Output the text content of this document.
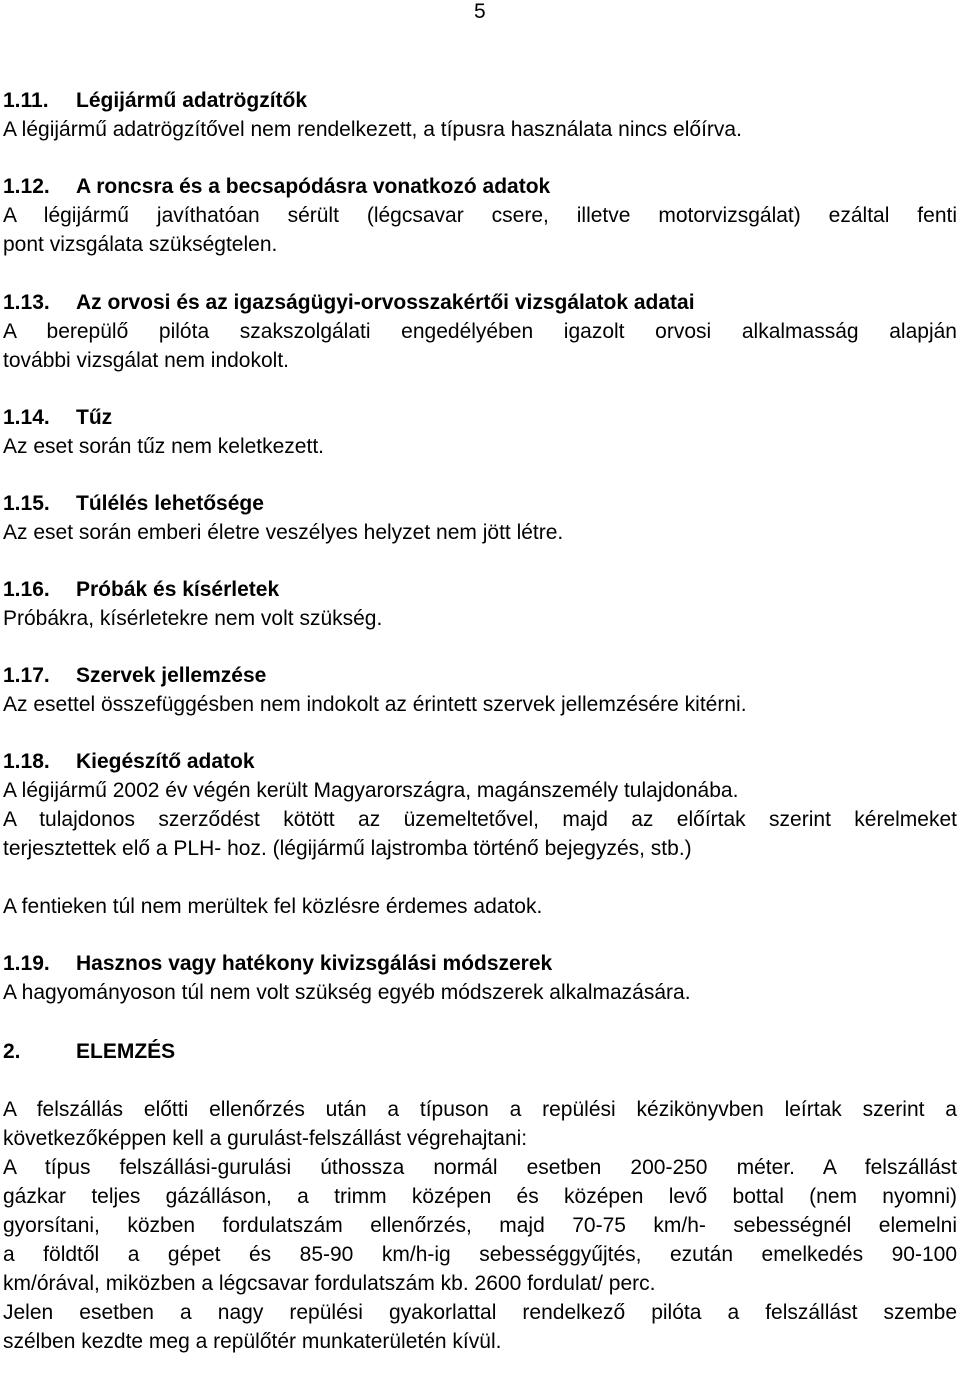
5
1.11. Légijármű adatrögzítők
A légijármű adatrögzítővel nem rendelkezett, a típusra használata nincs előírva.
1.12. A roncsra és a becsapódásra vonatkozó adatok
A légijármű javíthatóan sérült (légcsavar csere, illetve motorvizsgálat) ezáltal fenti
pont vizsgálata szükségtelen.
1.13. Az orvosi és az igazságügyi-orvosszakértői vizsgálatok adatai
A berepülő pilóta szakszolgálati engedélyében igazolt orvosi alkalmasság alapján
további vizsgálat nem indokolt.
1.14. Tűz
Az eset során tűz nem keletkezett.
1.15. Túlélés lehetősége
Az eset során emberi életre veszélyes helyzet nem jött létre.
1.16. Próbák és kísérletek
Próbákra, kísérletekre nem volt szükség.
1.17. Szervek jellemzése
Az esettel összefüggésben nem indokolt az érintett szervek jellemzésére kitérni.
1.18. Kiegészítő adatok
A légijármű 2002 év végén került Magyarországra, magánszemély tulajdonába.
A tulajdonos szerződést kötött az üzemeltetővel, majd az előírtak szerint kérelmeket
terjesztettek elő a PLH- hoz. (légijármű lajstromba történő bejegyzés, stb.)
A fentieken túl nem merültek fel közlésre érdemes adatok.
1.19. Hasznos vagy hatékony kivizsgálási módszerek
A hagyományoson túl nem volt szükség egyéb módszerek alkalmazására.
2.	ELEMZÉS
A felszállás előtti ellenőrzés után a típuson a repülési kézikönyvben leírtak szerint a
következőképpen kell a gurulást-felszállást végrehajtani:
A típus felszállási-gurulási úthossza normál esetben 200-250 méter. A felszállást
gázkar teljes gázálláson, a trimm középen és középen levő bottal (nem nyomni)
gyorsítani, közben fordulatszám ellenőrzés, majd 70-75 km/h- sebességnél elemelni
a földtől a gépet és 85-90 km/h-ig sebességgyűjtés, ezután emelkedés 90-100
km/órával, miközben a légcsavar fordulatszám kb. 2600 fordulat/ perc.
Jelen esetben a nagy repülési gyakorlattal rendelkező pilóta a felszállást szembe
szélben kezdte meg a repülőtér munkaterületén kívül.
